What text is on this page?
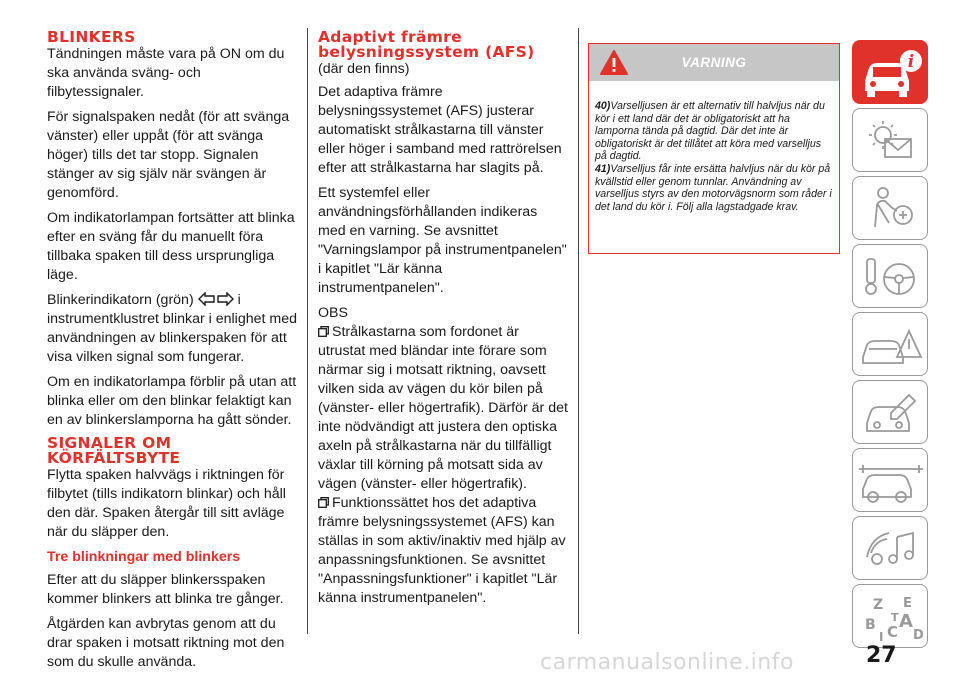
BLINKERS

Tändningen måste vara på ON om du ska använda sväng- och filbytessignaler.

För signalspaken nedåt (för att svänga vänster) eller uppåt (för att svänga höger) tills det tar stopp. Signalen stänger av sig själv när svängen är genomförd.

Om indikatorlampan fortsätter att blinka efter en sväng får du manuellt föra tillbaka spaken till dess ursprungliga läge.

Blinkerindikatorn (grön)	i instrumentklustret blinkar i enlighet med användningen av blinkerspaken för att visa vilken signal som fungerar.

Om en indikatorlampa förblir på utan att blinka eller om den blinkar felaktigt kan en av blinkerslamporna ha gått sönder.

SIGNALER OM
KÖRFÄLTSBYTE

Flytta spaken halvvägs i riktningen för filbytet (tills indikatorn blinkar) och håll den där. Spaken återgår till sitt avläge när du släpper den.

Tre blinkningar med blinkers

Efter att du släpper blinkersspaken kommer blinkers att blinka tre gånger.

Åtgärden kan avbrytas genom att du drar spaken i motsatt riktning mot den som du skulle använda.

Adaptivt främre
belysningssystem (AFS)

(där den finns)

Det adaptiva främre belysningssystemet (AFS) justerar automatiskt strålkastarna till vänster eller höger i samband med rattrörelsen efter att strålkastarna har slagits på.

Ett systemfel eller användningsförhållanden indikeras med en varning. Se avsnittet "Varningslampor på instrumentpanelen" i kapitlet "Lär känna instrumentpanelen".

OBS

Strålkastarna som fordonet är utrustat med bländar inte förare som närmar sig i motsatt riktning, oavsett vilken sida av vägen du kör bilen på (vänster- eller högertrafik). Därför är det inte nödvändigt att justera den optiska axeln på strålkastarna när du tillfälligt växlar till körning på motsatt sida av vägen (vänster- eller högertrafik).

Funktionssättet hos det adaptiva främre belysningssystemet (AFS) kan ställas in som aktiv/inaktiv med hjälp av anpassningsfunktionen. Se avsnittet "Anpassningsfunktioner" i kapitlet "Lär känna instrumentpanelen".

VARNING

40)Varselljusen är ett alternativ till halvljus när du kör i ett land där det är obligatoriskt att ha lamporna tända på dagtid. Där det inte är obligatoriskt är det tillåtet att köra med varselljus på dagtid.

41)Varselljus får inte ersätta halvljus när du kör på kvällstid eller genom tunnlar. Användning av varselljus styrs av den motorvägsnorm som råder i det land du kör i. Följ alla lagstadgade krav.

i
Z E
B C A
I
T
D
carmanualsonline.info	27
